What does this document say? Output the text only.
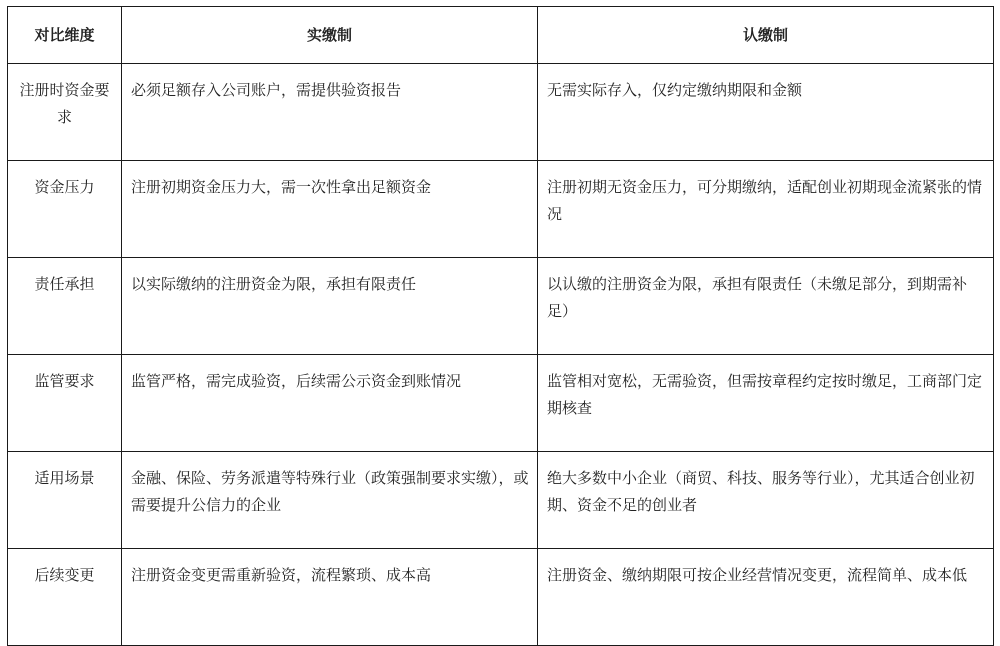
对比维度	实缴制	认缴制
注册时资金要求	必须足额存入公司账户，需提供验资报告	无需实际存入，仅约定缴纳期限和金额
资金压力	注册初期资金压力大，需一次性拿出足额资金	注册初期无资金压力，可分期缴纳，适配创业初期现金流紧张的情况
责任承担	以实际缴纳的注册资金为限，承担有限责任	以认缴的注册资金为限，承担有限责任（未缴足部分，到期需补足）
监管要求	监管严格，需完成验资，后续需公示资金到账情况	监管相对宽松，无需验资，但需按章程约定按时缴足，工商部门定期核查
适用场景	金融、保险、劳务派遣等特殊行业（政策强制要求实缴），或需要提升公信力的企业	绝大多数中小企业（商贸、科技、服务等行业），尤其适合创业初期、资金不足的创业者
后续变更	注册资金变更需重新验资，流程繁琐、成本高	注册资金、缴纳期限可按企业经营情况变更，流程简单、成本低
